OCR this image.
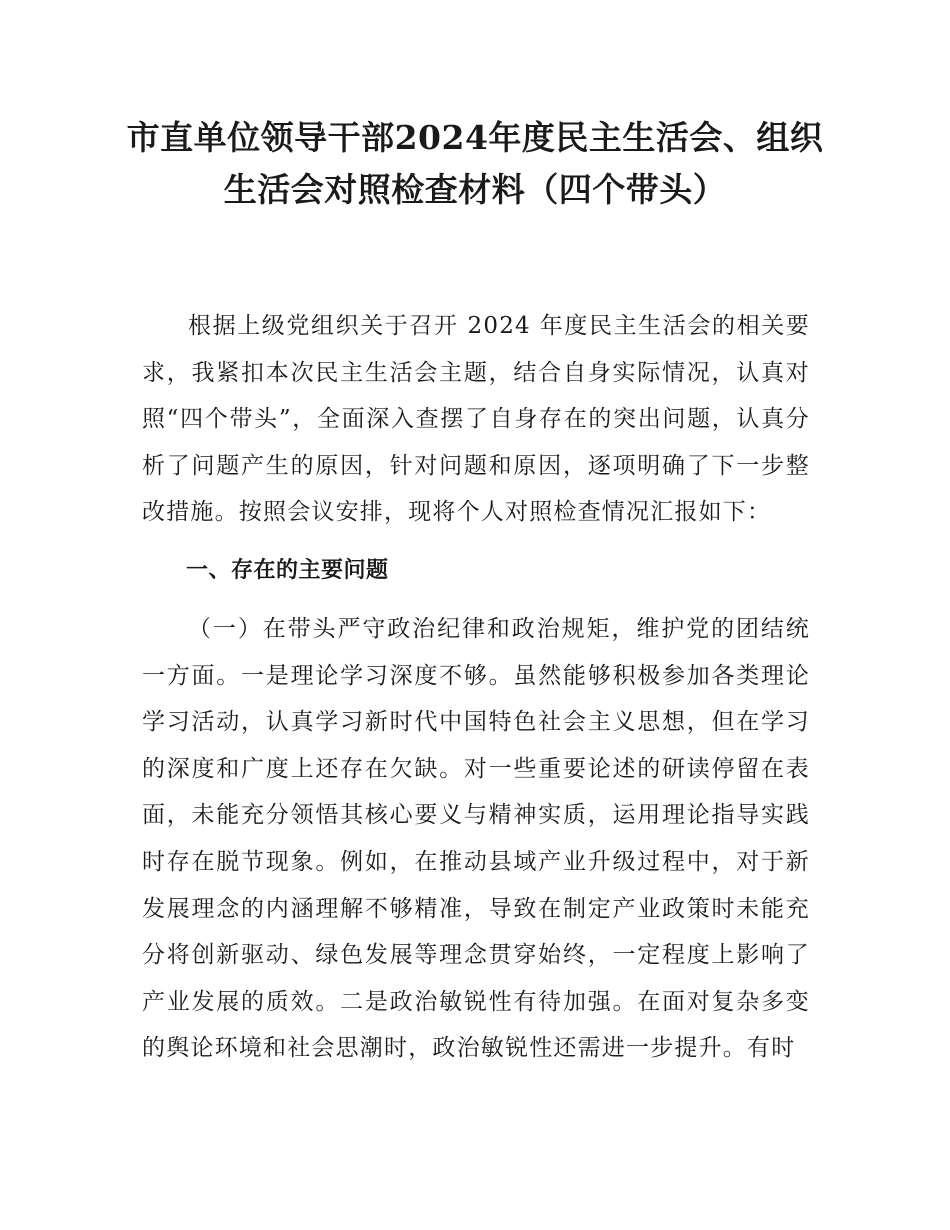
市直单位领导干部2024年度民主生活会、组织生活会对照检查材料（四个带头）

根据上级党组织关于召开 2024 年度民主生活会的相关要求，我紧扣本次民主生活会主题，结合自身实际情况，认真对照“四个带头”，全面深入查摆了自身存在的突出问题，认真分析了问题产生的原因，针对问题和原因，逐项明确了下一步整改措施。按照会议安排，现将个人对照检查情况汇报如下：

一、存在的主要问题

（一）在带头严守政治纪律和政治规矩，维护党的团结统一方面。一是理论学习深度不够。虽然能够积极参加各类理论学习活动，认真学习新时代中国特色社会主义思想，但在学习的深度和广度上还存在欠缺。对一些重要论述的研读停留在表面，未能充分领悟其核心要义与精神实质，运用理论指导实践时存在脱节现象。例如，在推动县域产业升级过程中，对于新发展理念的内涵理解不够精准，导致在制定产业政策时未能充分将创新驱动、绿色发展等理念贯穿始终，一定程度上影响了产业发展的质效。二是政治敏锐性有待加强。在面对复杂多变的舆论环境和社会思潮时，政治敏锐性还需进一步提升。有时
